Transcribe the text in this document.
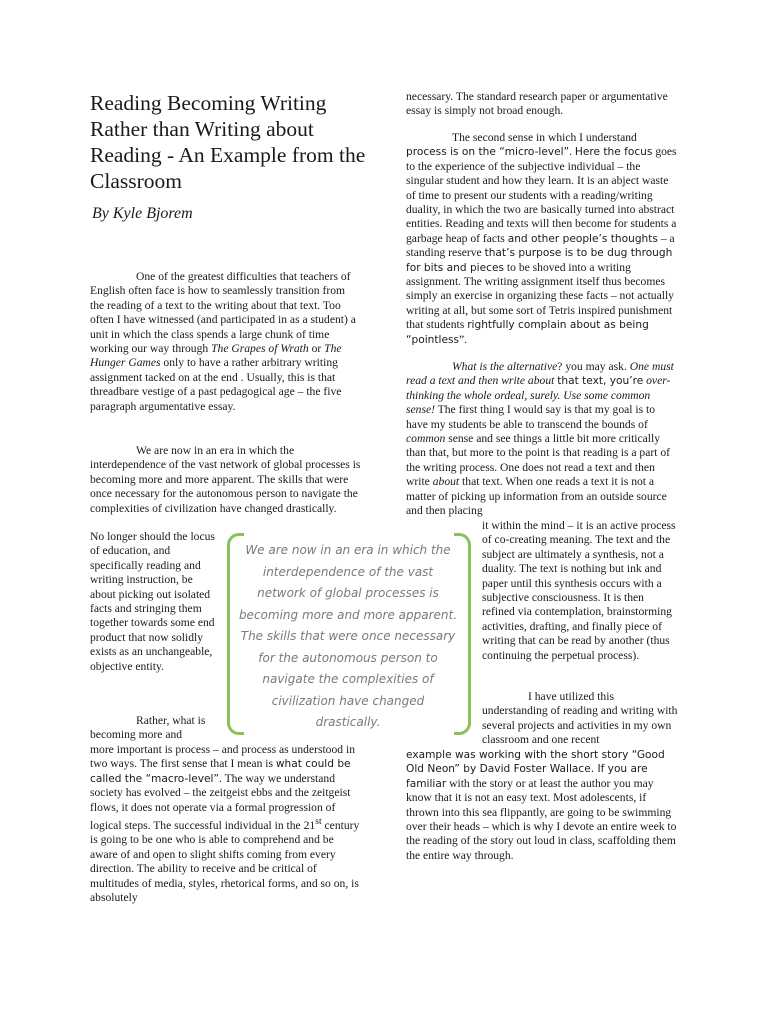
Reading Becoming Writing Rather than Writing about Reading - An Example from the Classroom

By Kyle Bjorem

One of the greatest difficulties that teachers of English often face is how to seamlessly transition from the reading of a text to the writing about that text. Too often I have witnessed (and participated in as a student) a unit in which the class spends a large chunk of time working our way through The Grapes of Wrath or The Hunger Games only to have a rather arbitrary writing assignment tacked on at the end . Usually, this is that threadbare vestige of a past pedagogical age – the five paragraph argumentative essay.

We are now in an era in which the interdependence of the vast network of global processes is becoming more and more apparent. The skills that were once necessary for the autonomous person to navigate the complexities of civilization have changed drastically.

No longer should the locus of education, and specifically reading and writing instruction, be about picking out isolated facts and stringing them together towards some end product that now solidly exists as an unchangeable, objective entity.

Rather, what is becoming more and

more important is process – and process as understood in two ways. The first sense that I mean is what could be called the “macro-level”. The way we understand society has evolved – the zeitgeist ebbs and the zeitgeist flows, it does not operate via a formal progression of logical steps. The successful individual in the 21st century is going to be one who is able to comprehend and be aware of and open to slight shifts coming from every direction. The ability to receive and be critical of multitudes of media, styles, rhetorical forms, and so on, is absolutely

We are now in an era in which the interdependence of the vast network of global processes is becoming more and more apparent. The skills that were once necessary for the autonomous person to navigate the complexities of civilization have changed drastically.

necessary. The standard research paper or argumentative essay is simply not broad enough.

The second sense in which I understand process is on the “micro-level”. Here the focus goes to the experience of the subjective individual – the singular student and how they learn. It is an abject waste of time to present our students with a reading/writing duality, in which the two are basically turned into abstract entities. Reading and texts will then become for students a garbage heap of facts and other people’s thoughts – a standing reserve that’s purpose is to be dug through for bits and pieces to be shoved into a writing assignment. The writing assignment itself thus becomes simply an exercise in organizing these facts – not actually writing at all, but some sort of Tetris inspired punishment that students rightfully complain about as being “pointless”.

What is the alternative? you may ask. One must read a text and then write about that text, you’re over-thinking the whole ordeal, surely. Use some common sense! The first thing I would say is that my goal is to have my students be able to transcend the bounds of common sense and see things a little bit more critically than that, but more to the point is that reading is a part of the writing process. One does not read a text and then write about that text. When one reads a text it is not a matter of picking up information from an outside source and then placing

it within the mind – it is an active process of co-creating meaning. The text and the subject are ultimately a synthesis, not a duality. The text is nothing but ink and paper until this synthesis occurs with a subjective consciousness. It is then refined via contemplation, brainstorming activities, drafting, and finally piece of writing that can be read by another (thus continuing the perpetual process).

I have utilized this understanding of reading and writing with several projects and activities in my own classroom and one recent

example was working with the short story “Good Old Neon” by David Foster Wallace. If you are familiar with the story or at least the author you may know that it is not an easy text. Most adolescents, if thrown into this sea flippantly, are going to be swimming over their heads – which is why I devote an entire week to the reading of the story out loud in class, scaffolding them the entire way through.
